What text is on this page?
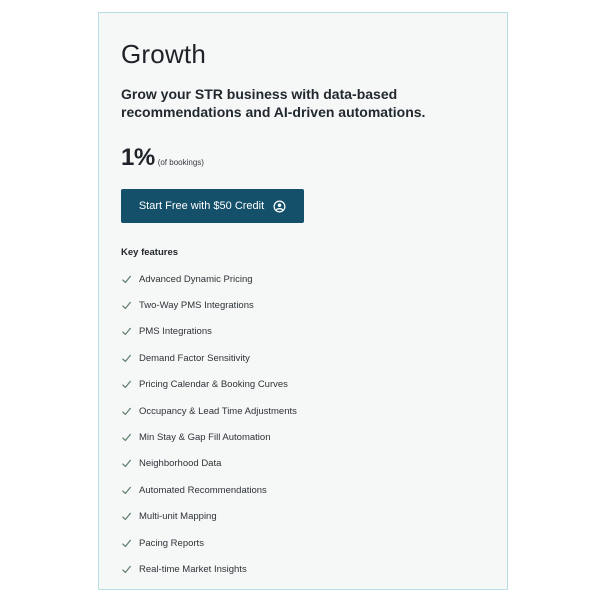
Growth

Grow your STR business with data-based recommendations and AI-driven automations.

1% (of bookings)
Start Free with $50 Credit
Key features
Advanced Dynamic Pricing
Two-Way PMS Integrations
PMS Integrations
Demand Factor Sensitivity
Pricing Calendar & Booking Curves
Occupancy & Lead Time Adjustments
Min Stay & Gap Fill Automation
Neighborhood Data
Automated Recommendations
Multi-unit Mapping
Pacing Reports
Real-time Market Insights
